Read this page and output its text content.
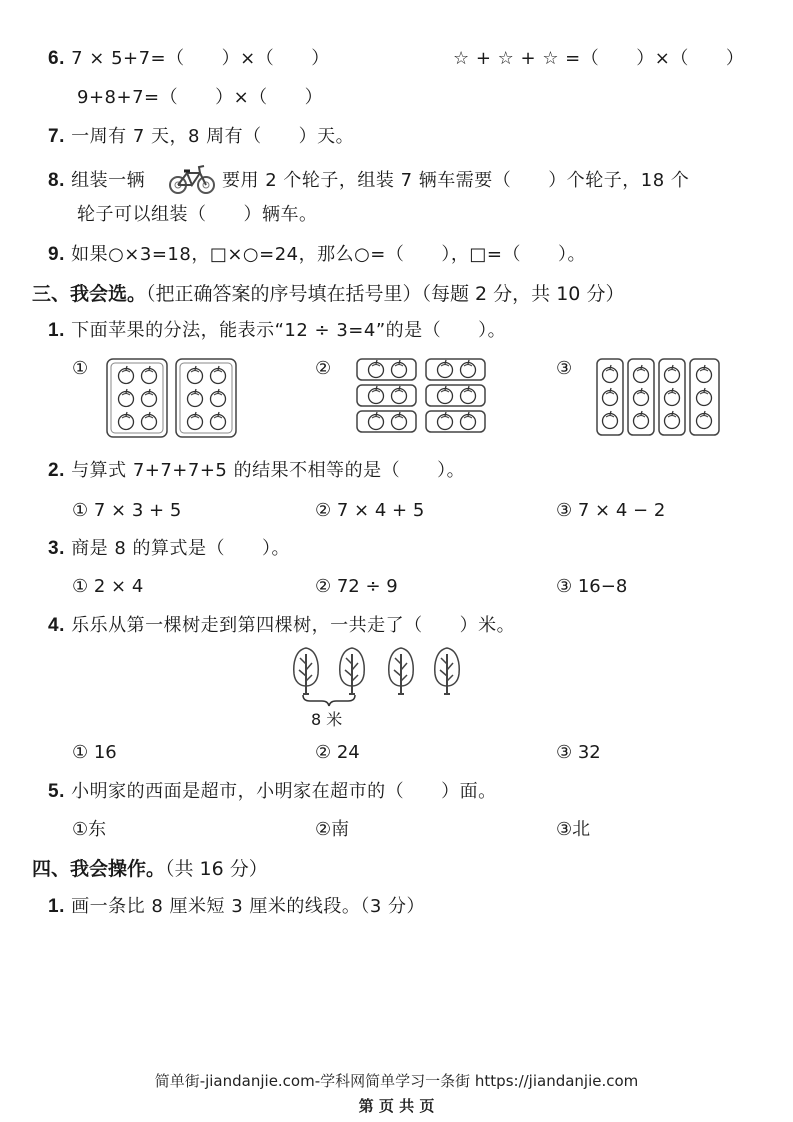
6. 7 × 5+7=（　　）×（　　）	☆ + ☆ + ☆ =（　　）×（　　）
9+8+7=（　　）×（　　）
7. 一周有 7 天，8 周有（　　）天。
8. 组装一辆	要用 2 个轮子，组装 7 辆车需要（　　）个轮子，18 个
轮子可以组装（　　）辆车。
9. 如果○×3=18，□×○=24，那么○=（　　），□=（　　）。
三、我会选。（把正确答案的序号填在括号里）（每题 2 分，共 10 分）
1. 下面苹果的分法，能表示“12 ÷ 3=4”的是（　　）。
①	②	③
2. 与算式 7+7+7+5 的结果不相等的是（　　）。
① 7 × 3 + 5	② 7 × 4 + 5	③ 7 × 4 − 2
3. 商是 8 的算式是（　　）。
① 2 × 4	② 72 ÷ 9	③ 16−8
4. 乐乐从第一棵树走到第四棵树，一共走了（　　）米。
8 米
① 16	② 24	③ 32
5. 小明家的西面是超市，小明家在超市的（　　）面。
①东	②南	③北
四、我会操作。（共 16 分）
1. 画一条比 8 厘米短 3 厘米的线段。（3 分）
简单街-jiandanjie.com-学科网简单学习一条街 https://jiandanjie.com
第 页 共 页
